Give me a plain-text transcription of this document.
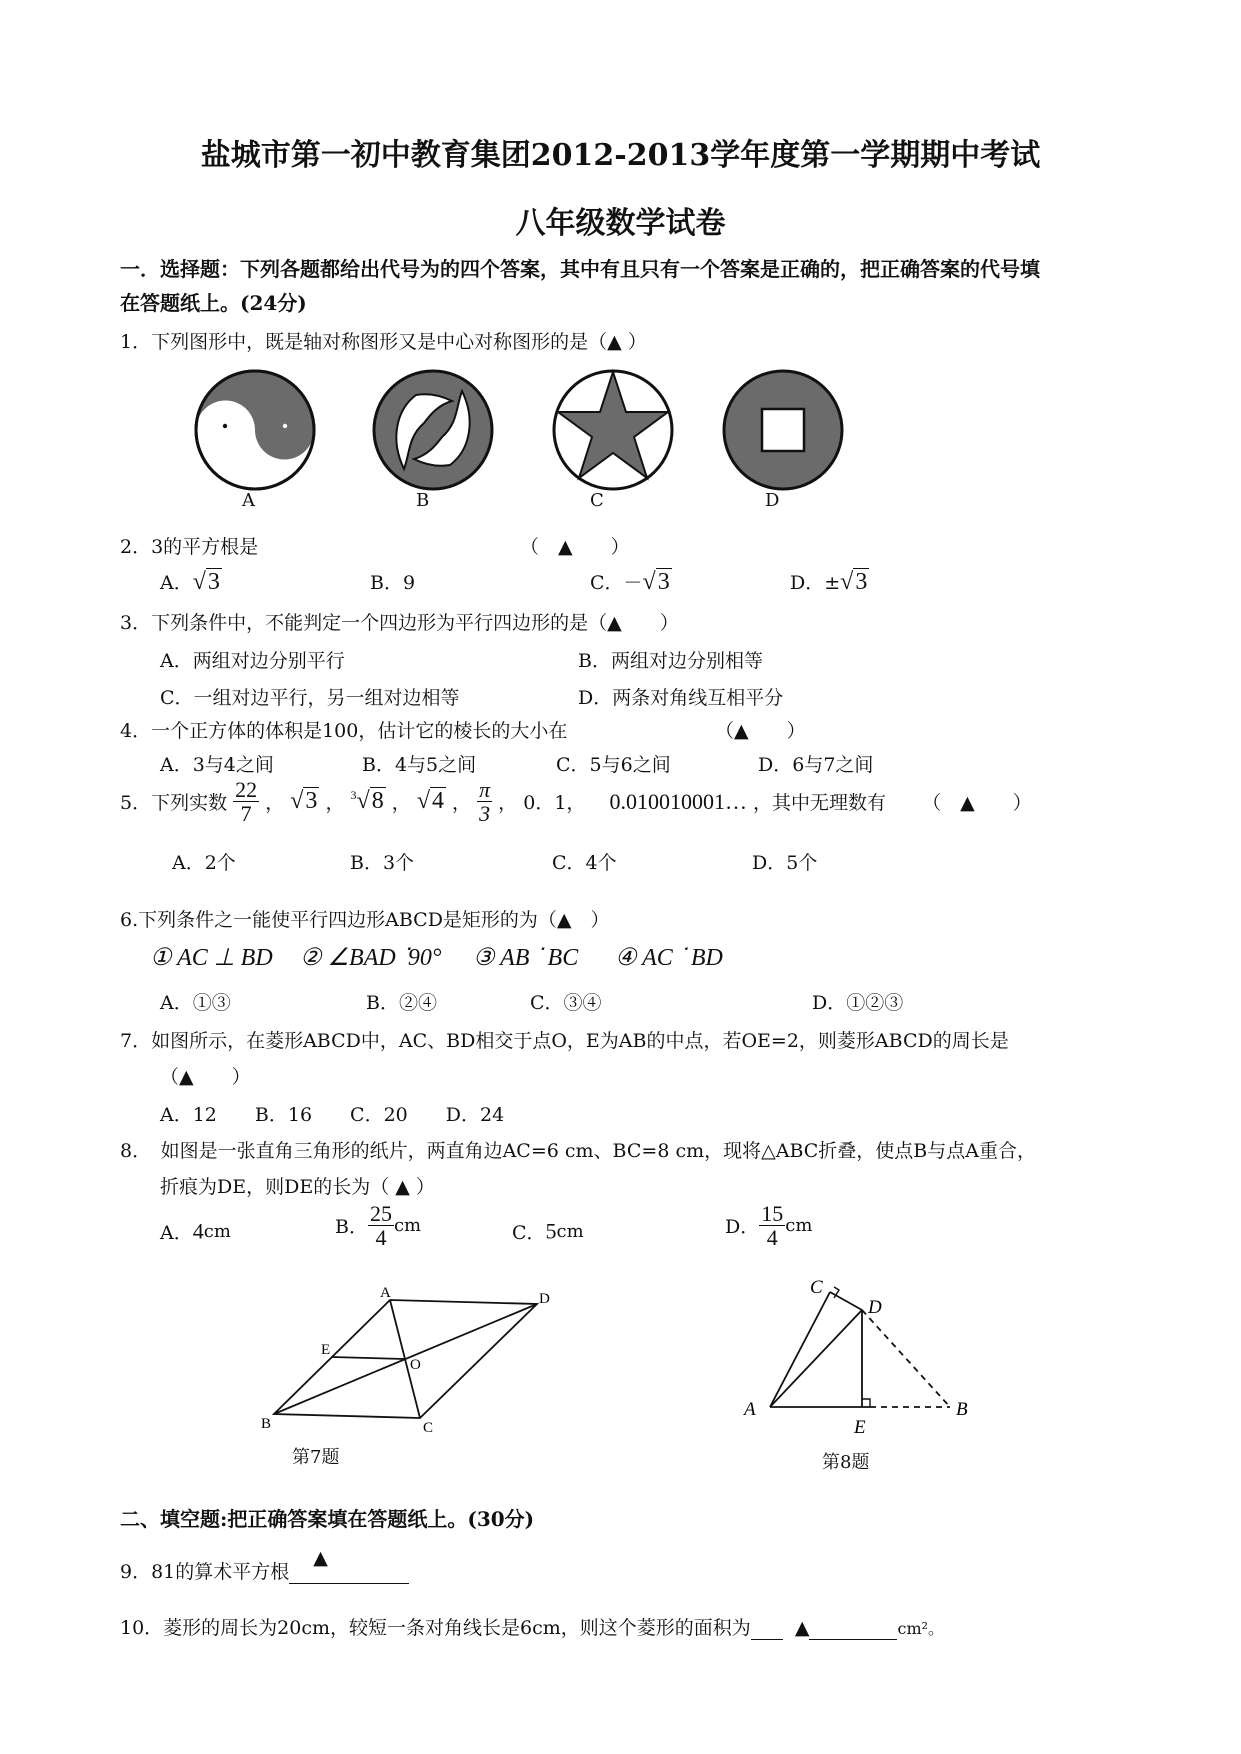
盐城市第一初中教育集团2012-2013学年度第一学期期中考试
八年级数学试卷
一．选择题：下列各题都给出代号为的四个答案，其中有且只有一个答案是正确的，把正确答案的代号填
在答题纸上。(24分)
1．下列图形中，既是轴对称图形又是中心对称图形的是（▲ ）
A	B	C	D
2．3的平方根是	（　▲　　）
A．√3	B．9	C．－√3	D．±√3
3．下列条件中，不能判定一个四边形为平行四边形的是（▲　　）
A．两组对边分别平行	B．两组对边分别相等
C．一组对边平行，另一组对边相等	D．两条对角线互相平分
4．一个正方体的体积是100，估计它的棱长的大小在	（▲　　）
A．3与4之间	B．4与5之间	C．5与6之间	D．6与7之间
5．下列实数 $\frac{22}{7}$ ， √3 ， $^3$√8 ， √4 ， $\frac{\pi}{3}$ ， 0．1， 0.010010001… ，其中无理数有 （　▲　　）
A．2个	B．3个	C．4个	D．5个
6.下列条件之一能使平行四边形ABCD是矩形的为（▲　）
① AC ⊥ BD ② ∠BAD ᐝ90° ③ AB ᐝ BC ④ AC ᐝ BD
A．①③	B．②④	C．③④	D．①②③
7．如图所示，在菱形ABCD中，AC、BD相交于点O，E为AB的中点，若OE=2，则菱形ABCD的周长是
（▲　　）
A．12　　B．16　　C．20　　D．24
8．　如图是一张直角三角形的纸片，两直角边AC=6 cm、BC=8 cm，现将△ABC折叠，使点B与点A重合，
折痕为DE，则DE的长为（ ▲ ）
A．4cm	B． $\frac{25}{4}$ cm	C．5cm	D． $\frac{15}{4}$ cm
A	D
E
O
B	C
第7题
C
D
A	B
E
第8题
二、填空题:把正确答案填在答题纸上。(30分)
9．81的算术平方根
▲

10．菱形的周长为20cm，较短一条对角线长是6cm，则这个菱形的面积为 ▲	cm²。
